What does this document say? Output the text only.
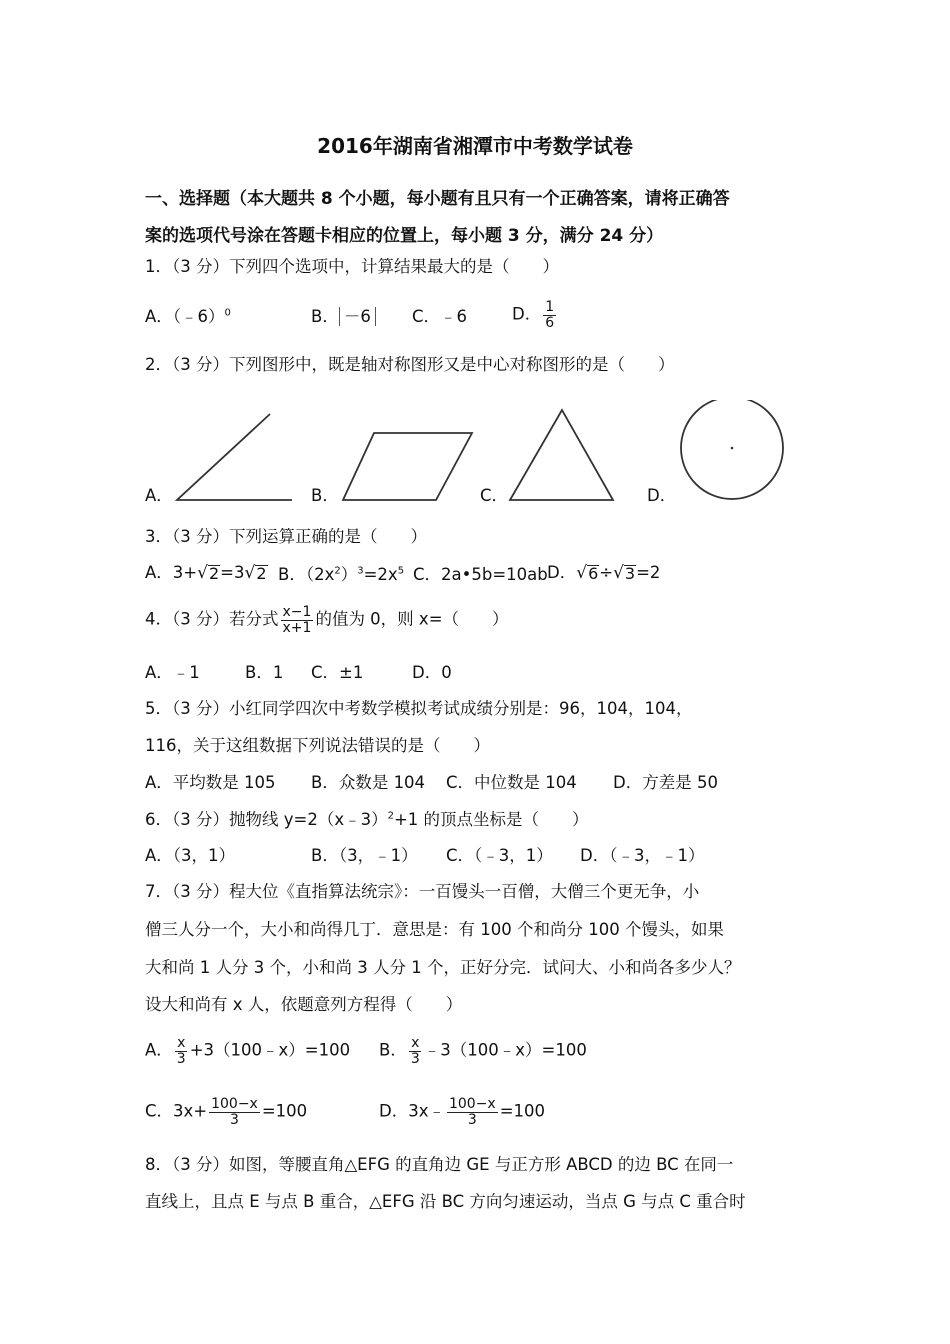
2016年湖南省湘潭市中考数学试卷
一、选择题（本大题共 8 个小题，每小题有且只有一个正确答案，请将正确答
案的选项代号涂在答题卡相应的位置上，每小题 3 分，满分 24 分）
1．（3 分）下列四个选项中，计算结果最大的是（　　）
A．（﹣6）$^0$	B． －6	C．﹣6	D． $\frac{1}{6}$
2．（3 分）下列图形中，既是轴对称图形又是中心对称图形的是（　　）
A．	B．	C．	D．
3．（3 分）下列运算正确的是（　　）
A．3+ √ 2 =3 √ 2 B．$(2x^2)^3=2x^5$ C．2a•5b=10ab D． √ 6 ÷ √ 3 =2
4．（3 分）若分式 $\frac{x-1}{x+1}$ 的值为 0，则 x=（　　）
A．﹣1	B．1 C．±1	D．0
5．（3 分）小红同学四次中考数学模拟考试成绩分别是：96，104，104，
116，关于这组数据下列说法错误的是（　　）
A．平均数是 105 B．众数是 104 C．中位数是 104 D．方差是 50
6．（3 分）抛物线 y=2（x﹣3）$^2$+1 的顶点坐标是（　　）
A．（3，1）	B．（3，﹣1） C．（﹣3，1） D．（﹣3，﹣1）
7．（3 分）程大位《直指算法统宗》：一百馒头一百僧，大僧三个更无争，小
僧三人分一个，大小和尚得几丁．意思是：有 100 个和尚分 100 个馒头，如果
大和尚 1 人分 3 个，小和尚 3 人分 1 个，正好分完．试问大、小和尚各多少人？
设大和尚有 x 人，依题意列方程得（　　）
A． $\frac{x}{3}$ +3（100﹣x）=100 B． $\frac{x}{3}$ ﹣3（100﹣x）=100
C．$3x+ \frac{100-x}{3} =100$	D．3x﹣ $\frac{100-x}{3} =100$
8．（3 分）如图，等腰直角△EFG 的直角边 GE 与正方形 ABCD 的边 BC 在同一
直线上，且点 E 与点 B 重合，△EFG 沿 BC 方向匀速运动，当点 G 与点 C 重合时
